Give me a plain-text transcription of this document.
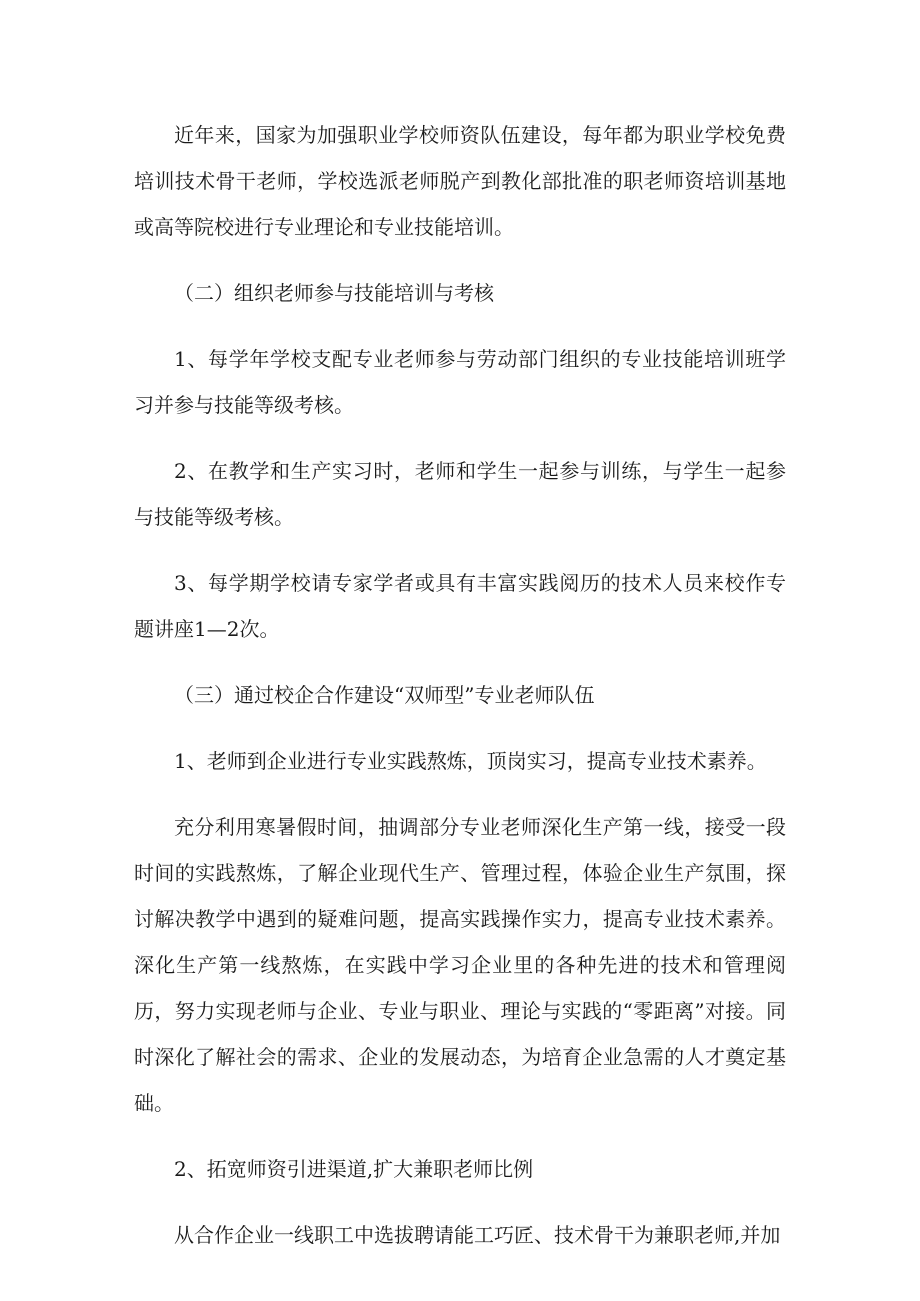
近年来，国家为加强职业学校师资队伍建设，每年都为职业学校免费培训技术骨干老师，学校选派老师脱产到教化部批准的职老师资培训基地或高等院校进行专业理论和专业技能培训。

（二）组织老师参与技能培训与考核

1、每学年学校支配专业老师参与劳动部门组织的专业技能培训班学习并参与技能等级考核。

2、在教学和生产实习时，老师和学生一起参与训练，与学生一起参与技能等级考核。

3、每学期学校请专家学者或具有丰富实践阅历的技术人员来校作专题讲座1—2次。

（三）通过校企合作建设“双师型”专业老师队伍

1、老师到企业进行专业实践熬炼，顶岗实习，提高专业技术素养。

充分利用寒暑假时间，抽调部分专业老师深化生产第一线，接受一段时间的实践熬炼，了解企业现代生产、管理过程，体验企业生产氛围，探讨解决教学中遇到的疑难问题，提高实践操作实力，提高专业技术素养。深化生产第一线熬炼，在实践中学习企业里的各种先进的技术和管理阅历，努力实现老师与企业、专业与职业、理论与实践的“零距离”对接。同时深化了解社会的需求、企业的发展动态，为培育企业急需的人才奠定基础。

2、拓宽师资引进渠道,扩大兼职老师比例

从合作企业一线职工中选拔聘请能工巧匠、技术骨干为兼职老师,并加
